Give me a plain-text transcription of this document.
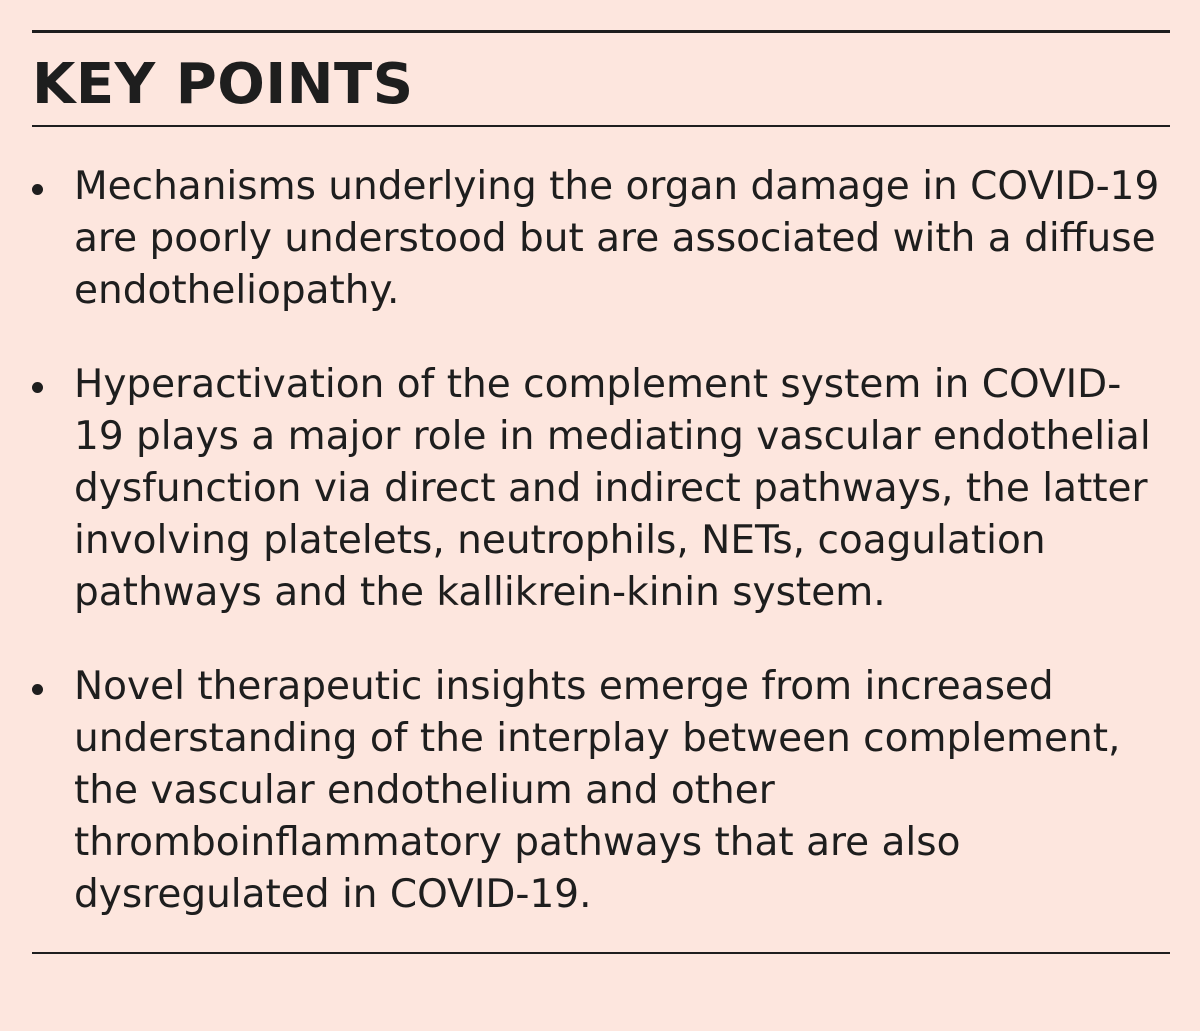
KEY POINTS
Mechanisms underlying the organ damage in COVID-19 are poorly understood but are associated with a diffuse endotheliopathy.
Hyperactivation of the complement system in COVID-19 plays a major role in mediating vascular endothelial dysfunction via direct and indirect pathways, the latter involving platelets, neutrophils, NETs, coagulation pathways and the kallikrein-kinin system.
Novel therapeutic insights emerge from increased understanding of the interplay between complement, the vascular endothelium and other thromboinflammatory pathways that are also dysregulated in COVID-19.
